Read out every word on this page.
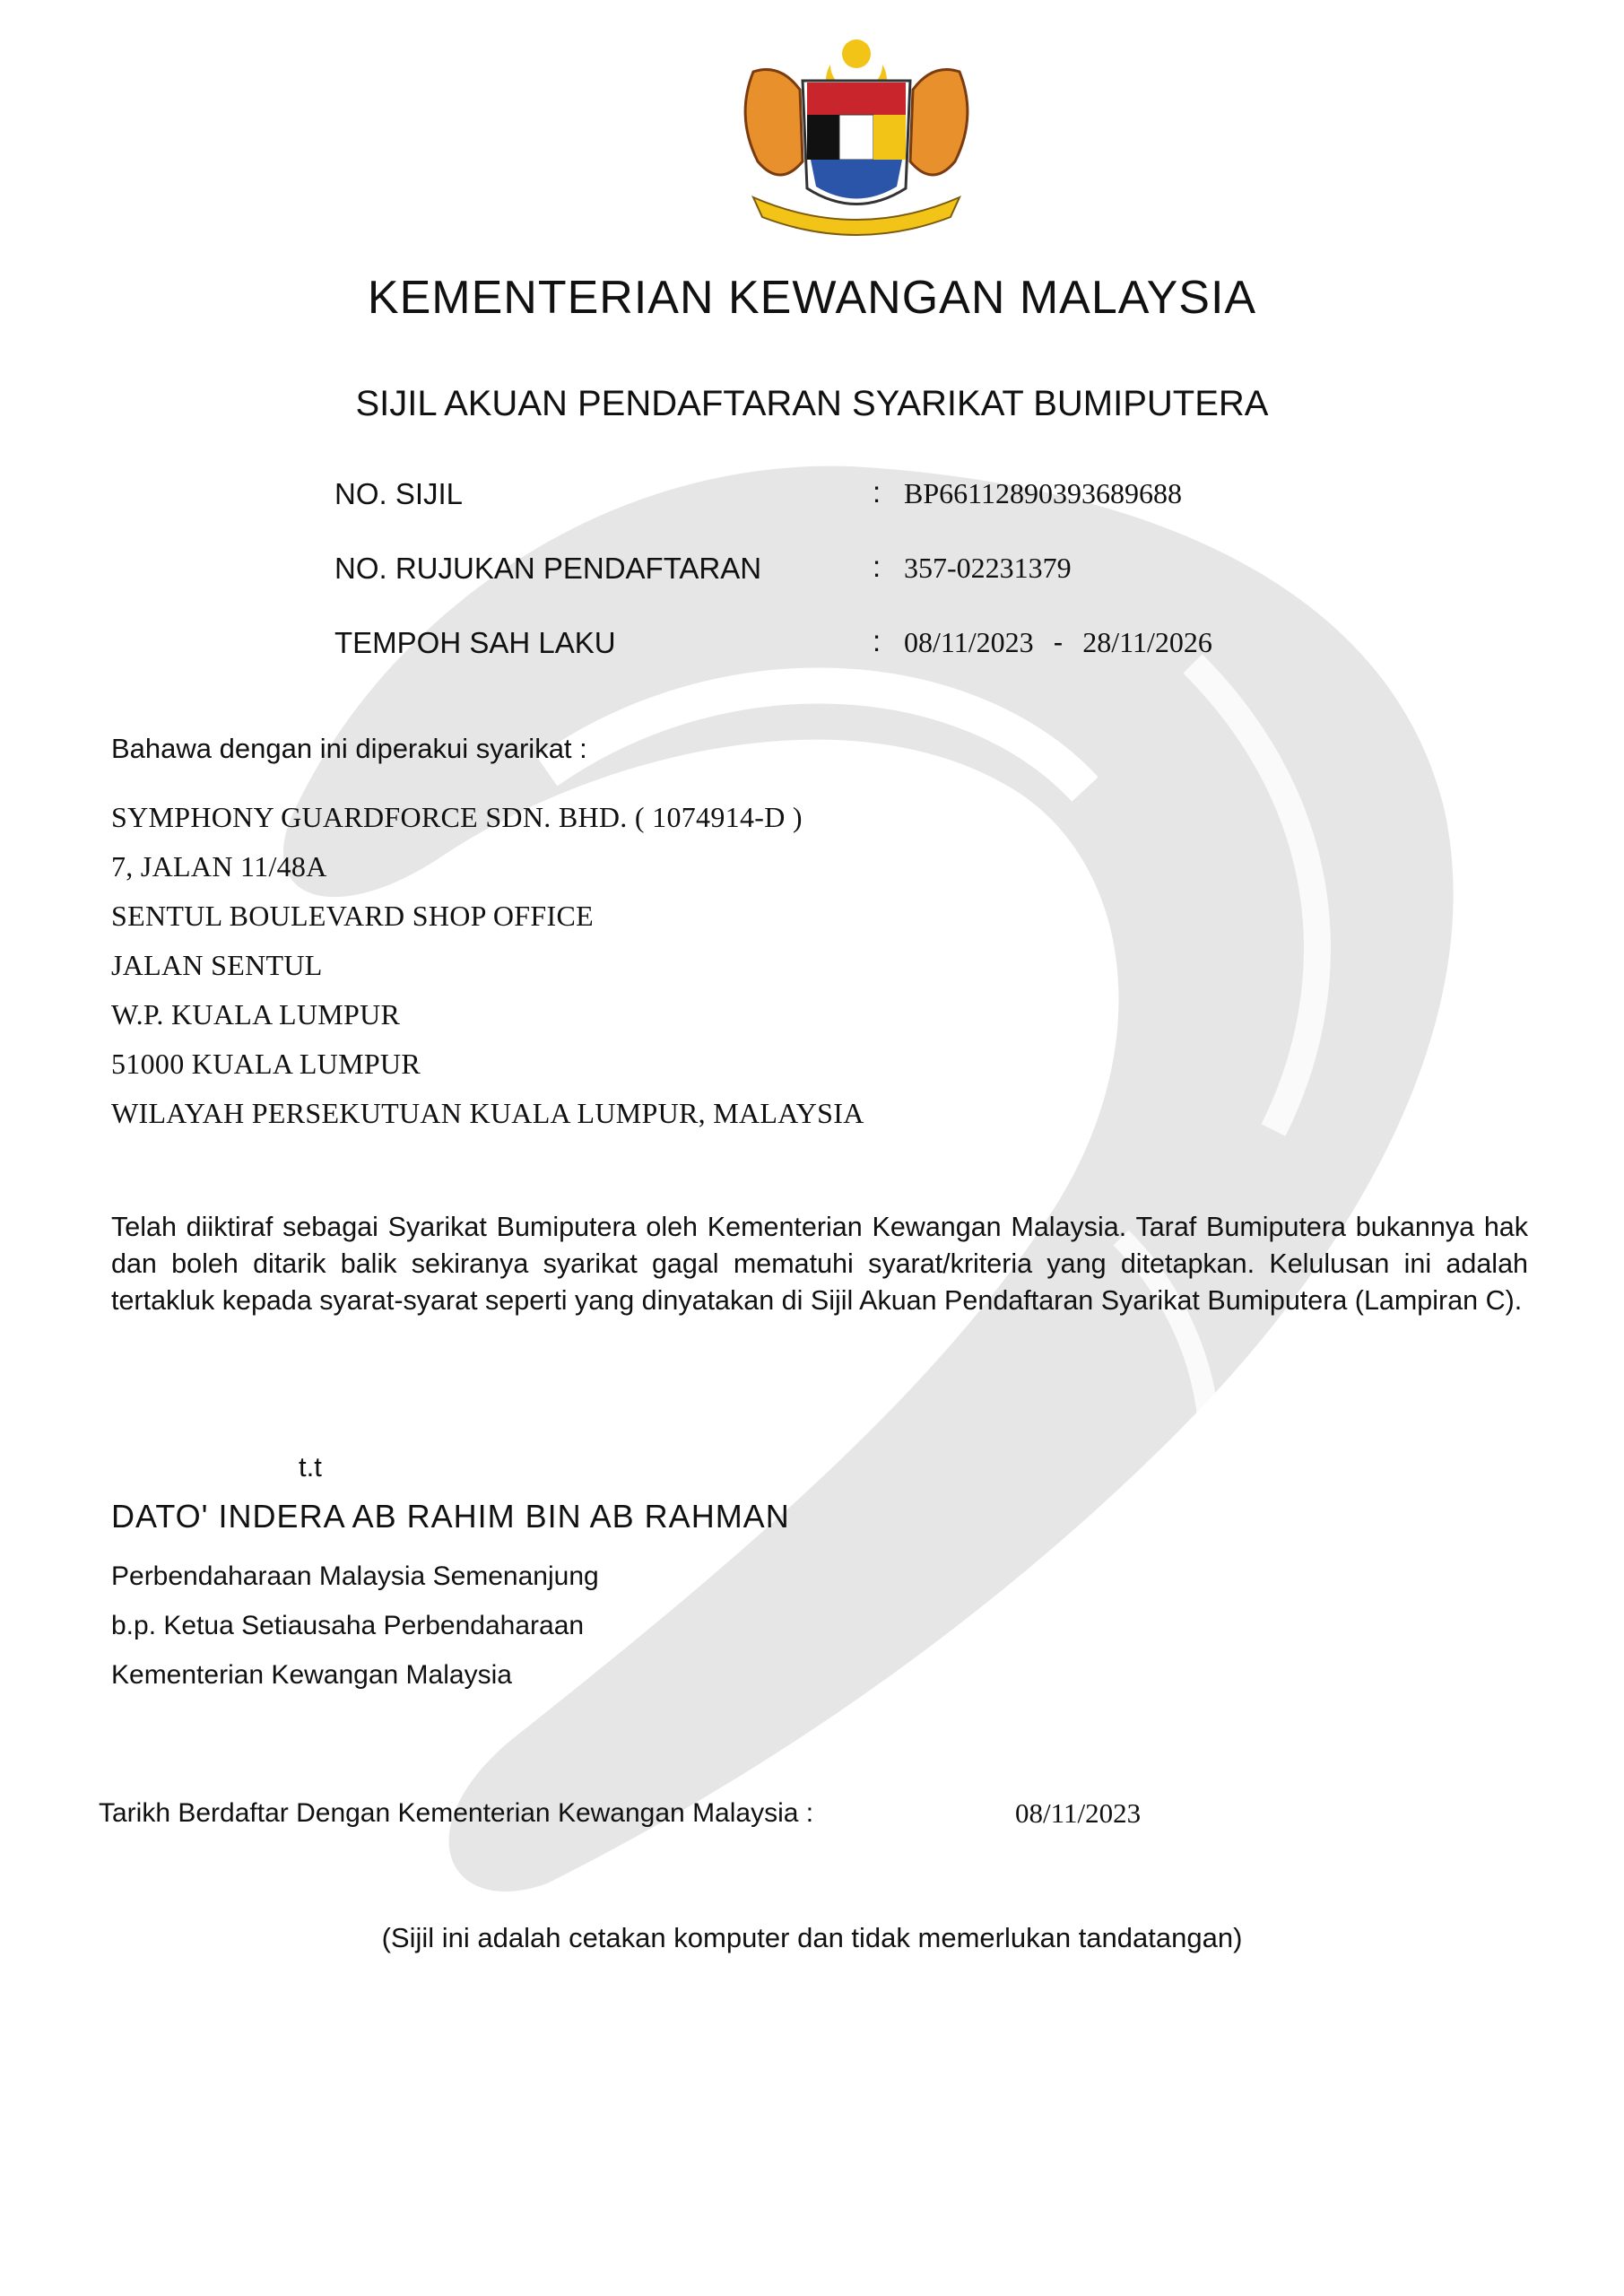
KEMENTERIAN KEWANGAN MALAYSIA
SIJIL AKUAN PENDAFTARAN SYARIKAT BUMIPUTERA
NO. SIJIL	: BP66112890393689688
NO. RUJUKAN PENDAFTARAN	: 357-02231379
TEMPOH SAH LAKU	: 08/11/2023 - 28/11/2026
Bahawa dengan ini diperakui syarikat :
SYMPHONY GUARDFORCE SDN. BHD. ( 1074914-D )
7, JALAN 11/48A
SENTUL BOULEVARD SHOP OFFICE
JALAN SENTUL
W.P. KUALA LUMPUR
51000 KUALA LUMPUR
WILAYAH PERSEKUTUAN KUALA LUMPUR, MALAYSIA
Telah diiktiraf sebagai Syarikat Bumiputera oleh Kementerian Kewangan Malaysia. Taraf Bumiputera bukannya hak dan boleh ditarik balik sekiranya syarikat gagal mematuhi syarat/kriteria yang ditetapkan. Kelulusan ini adalah tertakluk kepada syarat-syarat seperti yang dinyatakan di Sijil Akuan Pendaftaran Syarikat Bumiputera (Lampiran C).
t.t
DATO' INDERA AB RAHIM BIN AB RAHMAN
Perbendaharaan Malaysia Semenanjung
b.p. Ketua Setiausaha Perbendaharaan
Kementerian Kewangan Malaysia
Tarikh Berdaftar Dengan Kementerian Kewangan Malaysia :	08/11/2023
(Sijil ini adalah cetakan komputer dan tidak memerlukan tandatangan)
